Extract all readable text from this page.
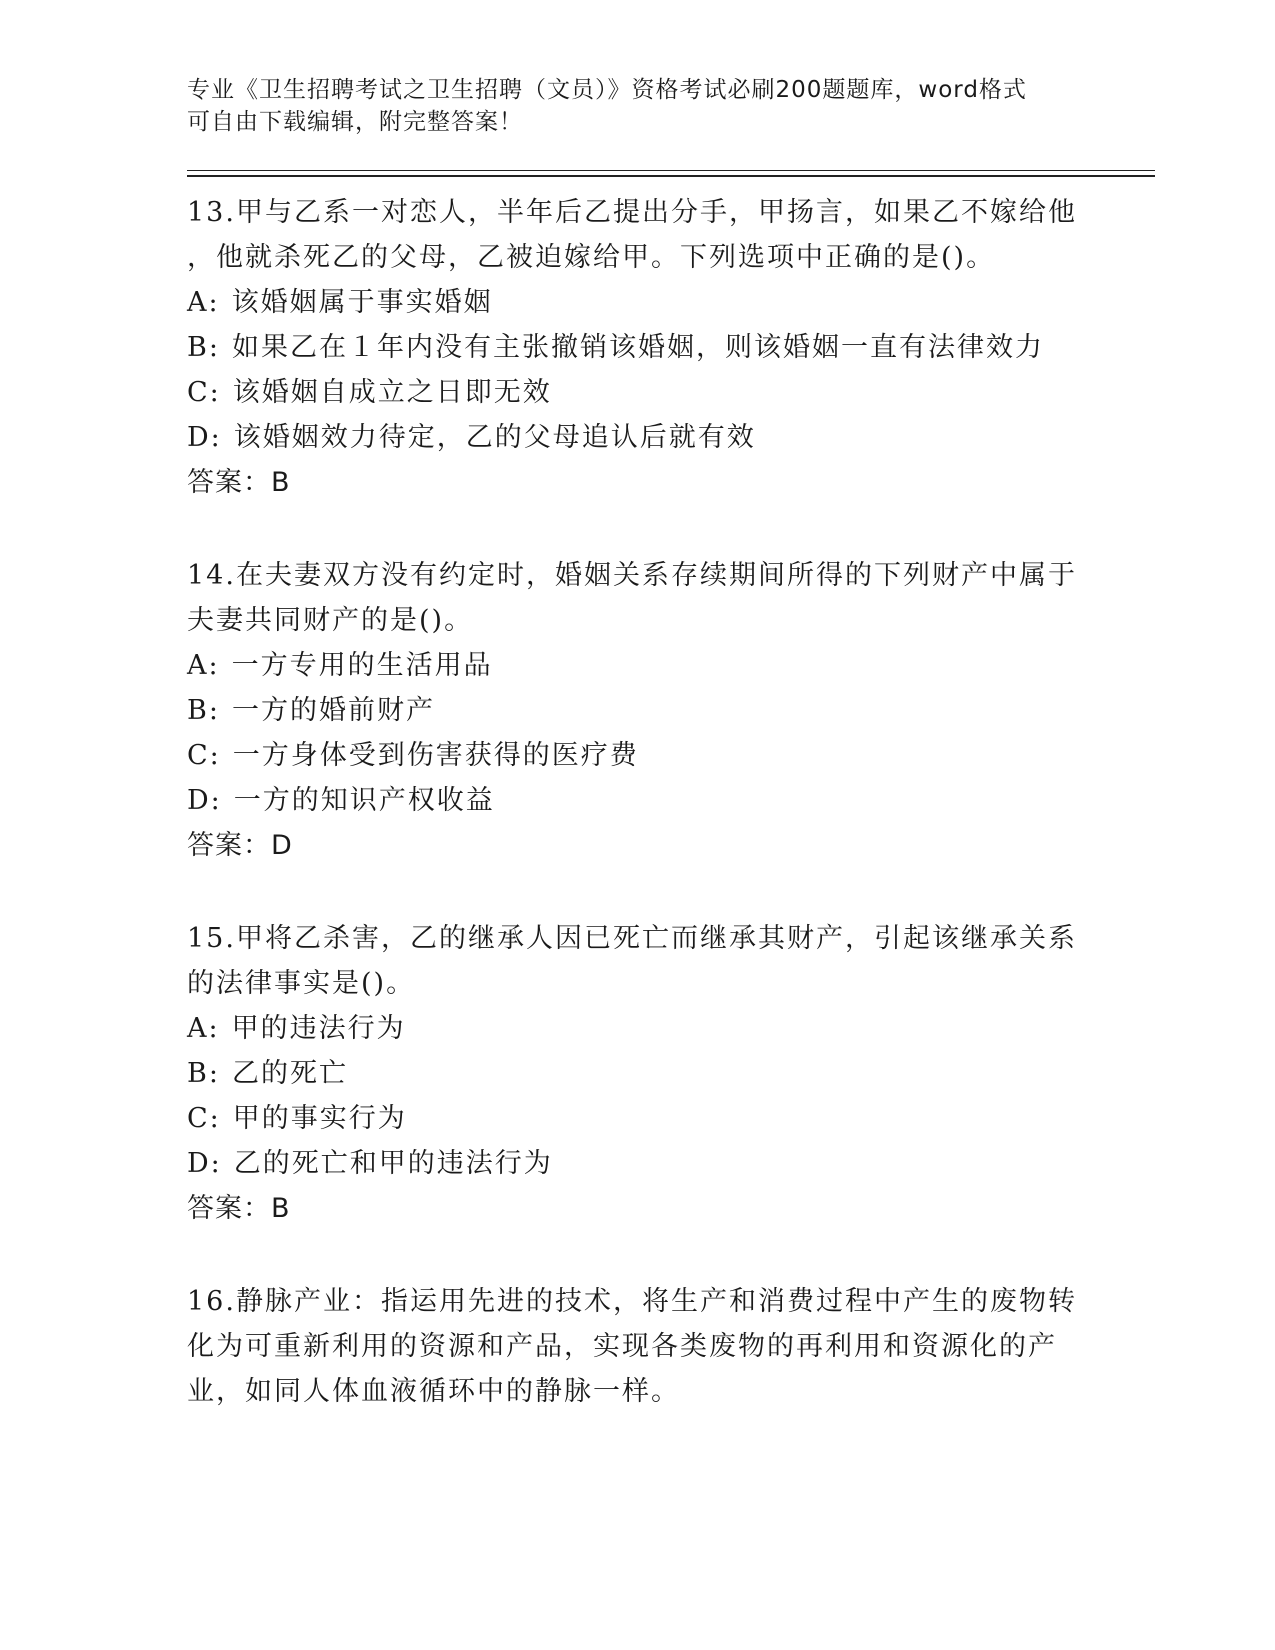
专业《卫生招聘考试之卫生招聘（文员）》资格考试必刷200题题库，word格式
可自由下载编辑，附完整答案！
13.甲与乙系一对恋人，半年后乙提出分手，甲扬言，如果乙不嫁给他
，他就杀死乙的父母，乙被迫嫁给甲。下列选项中正确的是()。
A: 该婚姻属于事实婚姻
B: 如果乙在１年内没有主张撤销该婚姻，则该婚姻一直有法律效力
C: 该婚姻自成立之日即无效
D: 该婚姻效力待定，乙的父母追认后就有效
答案：B
14.在夫妻双方没有约定时，婚姻关系存续期间所得的下列财产中属于
夫妻共同财产的是()。
A: 一方专用的生活用品
B: 一方的婚前财产
C: 一方身体受到伤害获得的医疗费
D: 一方的知识产权收益
答案：D
15.甲将乙杀害，乙的继承人因已死亡而继承其财产，引起该继承关系
的法律事实是()。
A: 甲的违法行为
B: 乙的死亡
C: 甲的事实行为
D: 乙的死亡和甲的违法行为
答案：B
16.静脉产业：指运用先进的技术，将生产和消费过程中产生的废物转
化为可重新利用的资源和产品，实现各类废物的再利用和资源化的产
业，如同人体血液循环中的静脉一样。
